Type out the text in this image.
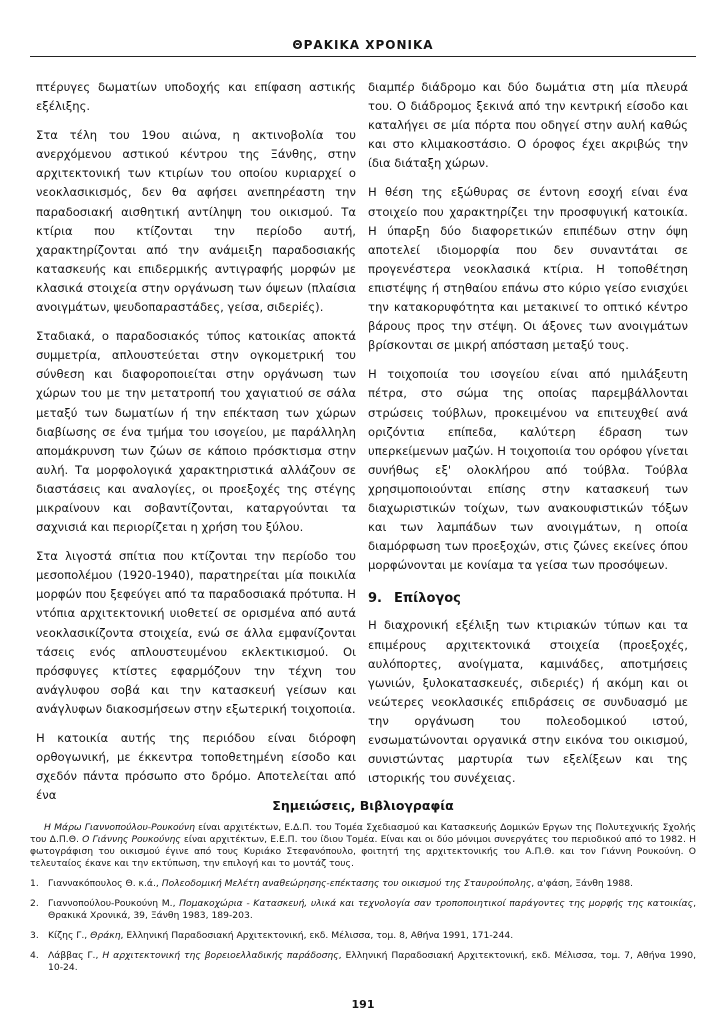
ΘΡΑΚΙΚΑ ΧΡΟΝΙΚΑ

πτέρυγες δωματίων υποδοχής και επίφαση αστικής εξέλιξης.

Στα τέλη του 19ου αιώνα, η ακτινοβολία του ανερχόμενου αστικού κέντρου της Ξάνθης, στην αρχιτεκτονική των κτιρίων του οποίου κυριαρχεί ο νεοκλασικισμός, δεν θα αφήσει ανεπηρέαστη την παραδοσιακή αισθητική αντίληψη του οικισμού. Τα κτίρια που κτίζονται την περίοδο αυτή, χαρακτηρίζονται από την ανάμειξη παραδοσιακής κατασκευής και επιδερμικής αντιγραφής μορφών με κλασικά στοιχεία στην οργάνωση των όψεων (πλαίσια ανοιγμάτων, ψευδοπαραστάδες, γείσα, σιδερiές).

Σταδιακά, ο παραδοσιακός τύπος κατοικίας αποκτά συμμετρία, απλουστεύεται στην ογκομετρική του σύνθεση και διαφοροποιείται στην οργάνωση των χώρων του με την μετατροπή του χαγιατιού σε σάλα μεταξύ των δωματίων ή την επέκταση των χώρων διαβίωσης σε ένα τμήμα του ισογείου, με παράλληλη απομάκρυνση των ζώων σε κάποιο πρόσκτισμα στην αυλή. Τα μορφολογικά χαρακτηριστικά αλλάζουν σε διαστάσεις και αναλογίες, οι προεξοχές της στέγης μικραίνουν και σοβαντίζονται, καταργούνται τα σαχνισιά και περιορίζεται η χρήση του ξύλου.

Στα λιγοστά σπίτια που κτίζονται την περίοδο του μεσοπολέμου (1920-1940), παρατηρείται μία ποικιλία μορφών που ξεφεύγει από τα παραδοσιακά πρότυπα. Η ντόπια αρχιτεκτονική υιοθετεί σε ορισμένα από αυτά νεοκλασικίζοντα στοιχεία, ενώ σε άλλα εμφανίζονται τάσεις ενός απλουστευμένου εκλεκτικισμού. Οι πρόσφυγες κτίστες εφαρμόζουν την τέχνη του ανάγλυφου σοβά και την κατασκευή γείσων και ανάγλυφων διακοσμήσεων στην εξωτερική τοιχοποιία.

Η κατοικία αυτής της περιόδου είναι διόροφη ορθογωνική, με έκκεντρα τοποθετημένη είσοδο και σχεδόν πάντα πρόσωπο στο δρόμο. Αποτελείται από ένα

διαμπέρ διάδρομο και δύο δωμάτια στη μία πλευρά του. Ο διάδρομος ξεκινά από την κεντρική είσοδο και καταλήγει σε μία πόρτα που οδηγεί στην αυλή καθώς και στο κλιμακοστάσιο. Ο όροφος έχει ακριβώς την ίδια διάταξη χώρων.

Η θέση της εξώθυρας σε έντονη εσοχή είναι ένα στοιχείο που χαρακτηρίζει την προσφυγική κατοικία. Η ύπαρξη δύο διαφορετικών επιπέδων στην όψη αποτελεί ιδιομορφία που δεν συναντάται σε προγενέστερα νεοκλασικά κτίρια. Η τοποθέτηση επιστέψης ή στηθαίου επάνω στο κύριο γείσο ενισχύει την κατακορυφότητα και μετακινεί το οπτικό κέντρο βάρους προς την στέψη. Οι άξονες των ανοιγμάτων βρίσκονται σε μικρή απόσταση μεταξύ τους.

Η τοιχοποιία του ισογείου είναι από ημιλάξευτη πέτρα, στο σώμα της οποίας παρεμβάλλονται στρώσεις τούβλων, προκειμένου να επιτευχθεί ανά οριζόντια επίπεδα, καλύτερη έδραση των υπερκείμενων μαζών. Η τοιχοποιία του ορόφου γίνεται συνήθως εξ' ολοκλήρου από τούβλα. Τούβλα χρησιμοποιούνται επίσης στην κατασκευή των διαχωριστικών τοίχων, των ανακουφιστικών τόξων και των λαμπάδων των ανοιγμάτων, η οποία διαμόρφωση των προεξοχών, στις ζώνες εκείνες όπου μορφώνονται με κονίαμα τα γείσα των προσόψεων.

9. Επίλογος

Η διαχρονική εξέλιξη των κτιριακών τύπων και τα επιμέρους αρχιτεκτονικά στοιχεία (προεξοχές, αυλόπορτες, ανοίγματα, καμινάδες, αποτμήσεις γωνιών, ξυλοκατασκευές, σιδεριές) ή ακόμη και οι νεώτερες νεοκλασικές επιδράσεις σε συνδυασμό με την οργάνωση του πολεοδομικού ιστού, ενσωματώνονται οργανικά στην εικόνα του οικισμού, συνιστώντας μαρτυρία των εξελίξεων και της ιστορικής του συνέχειας.

Σημειώσεις, Βιβλιογραφία

Η Μάρω Γιαννοπούλου-Ρουκούνη είναι αρχιτέκτων, Ε.Δ.Π. του Τομέα Σχεδιασμού και Κατασκευής Δομικών Εργων της Πολυτεχνικής Σχολής του Δ.Π.Θ. Ο Γιάννης Ρουκούνης είναι αρχιτέκτων, Ε.Ε.Π. του ίδιου Τομέα. Είναι και οι δύο μόνιμοι συνεργάτες του περιοδικού από το 1982. Η φωτογράφιση του οικισμού έγινε από τους Κυριάκο Στεφανόπουλο, φοιτητή της αρχιτεκτονικής του Α.Π.Θ. και τον Γιάννη Ρουκούνη. Ο τελευταίος έκανε και την εκτύπωση, την επιλογή και το μοντάζ τους.

1.	Γιαννακόπουλος Θ. κ.ά., Πολεοδομική Μελέτη αναθεώρησης-επέκτασης του οικισμού της Σταυρούπολης, α'φάση, Ξάνθη 1988.
2.	Γιαννοπούλου-Ρουκούνη Μ., Πομακοχώρια - Κατασκευή, υλικά και τεχνολογία σαν τροποποιητικοί παράγοντες της μορφής της κατοικίας, Θρακικά Χρονικά, 39, Ξάνθη 1983, 189-203.
3.	Κίζης Γ., Θράκη, Ελληνική Παραδοσιακή Αρχιτεκτονική, εκδ. Μέλισσα, τομ. 8, Αθήνα 1991, 171-244.
4.	Λάββας Γ., Η αρχιτεκτονική της βορειοελλαδικής παράδοσης, Ελληνική Παραδοσιακή Αρχιτεκτονική, εκδ. Μέλισσα, τομ. 7, Αθήνα 1990, 10-24.
191
